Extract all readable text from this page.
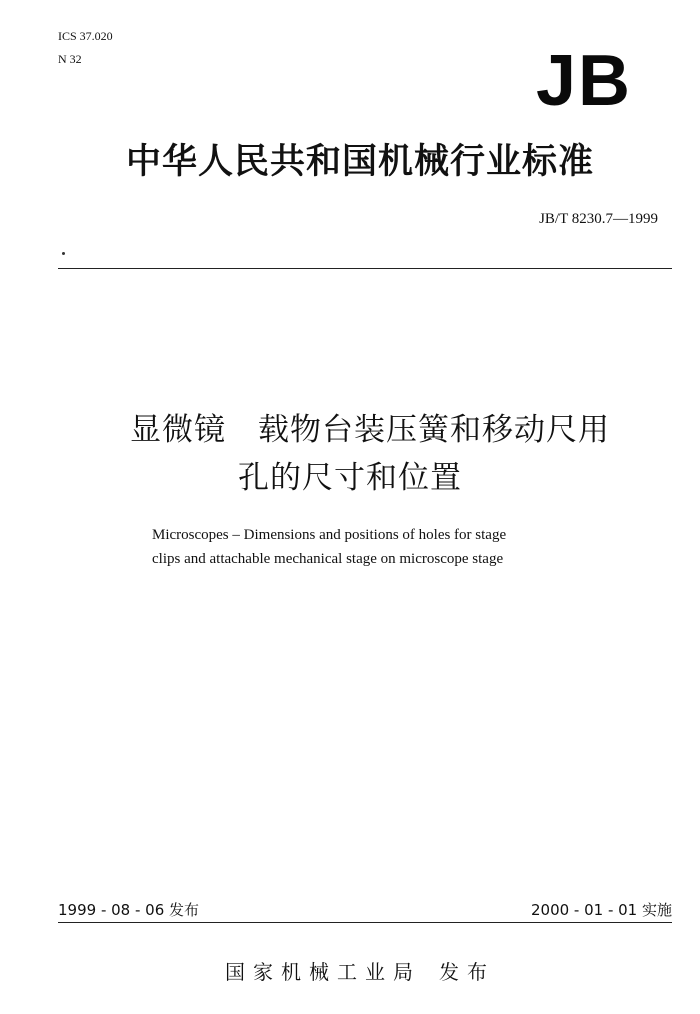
ICS 37.020
N 32	JB
中华人民共和国机械行业标准
JB/T 8230.7—1999
显微镜　载物台装压簧和移动尺用
孔的尺寸和位置
Microscopes – Dimensions and positions of holes for stage
clips and attachable mechanical stage on microscope stage
1999 - 08 - 06 发布	2000 - 01 - 01 实施
国家机械工业局 发布
